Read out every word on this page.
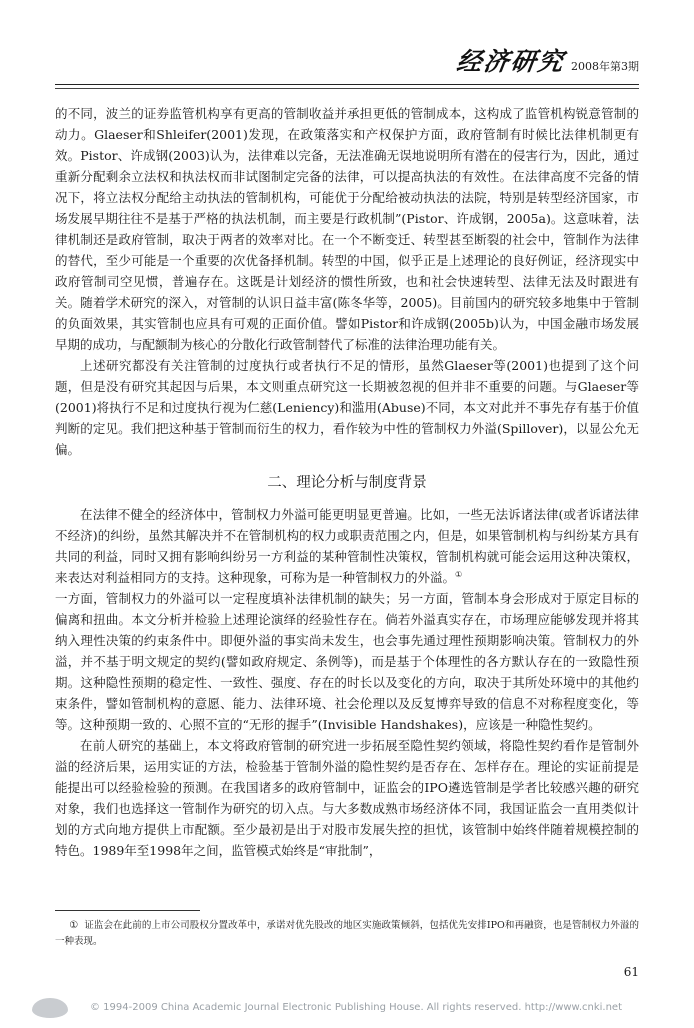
经济研究 2008年第3期

的不同，波兰的证券监管机构享有更高的管制收益并承担更低的管制成本，这构成了监管机构锐意管制的动力。Glaeser和Shleifer(2001)发现，在政策落实和产权保护方面，政府管制有时候比法律机制更有效。Pistor、许成钢(2003)认为，法律难以完备，无法准确无误地说明所有潜在的侵害行为，因此，通过重新分配剩余立法权和执法权而非试图制定完备的法律，可以提高执法的有效性。在法律高度不完备的情况下，将立法权分配给主动执法的管制机构，可能优于分配给被动执法的法院，特别是转型经济国家，市场发展早期往往不是基于严格的执法机制，而主要是行政机制”(Pistor、许成钢，2005a)。这意味着，法律机制还是政府管制，取决于两者的效率对比。在一个不断变迁、转型甚至断裂的社会中，管制作为法律的替代，至少可能是一个重要的次优备择机制。转型的中国，似乎正是上述理论的良好例证，经济现实中政府管制司空见惯，普遍存在。这既是计划经济的惯性所致，也和社会快速转型、法律无法及时跟进有关。随着学术研究的深入，对管制的认识日益丰富(陈冬华等，2005)。目前国内的研究较多地集中于管制的负面效果，其实管制也应具有可观的正面价值。譬如Pistor和许成钢(2005b)认为，中国金融市场发展早期的成功，与配额制为核心的分散化行政管制替代了标准的法律治理功能有关。

上述研究都没有关注管制的过度执行或者执行不足的情形，虽然Glaeser等(2001)也提到了这个问题，但是没有研究其起因与后果，本文则重点研究这一长期被忽视的但并非不重要的问题。与Glaeser等(2001)将执行不足和过度执行视为仁慈(Leniency)和滥用(Abuse)不同，本文对此并不事先存有基于价值判断的定见。我们把这种基于管制而衍生的权力，看作较为中性的管制权力外溢(Spillover)，以显公允无偏。

二、理论分析与制度背景

在法律不健全的经济体中，管制权力外溢可能更明显更普遍。比如，一些无法诉诸法律(或者诉诸法律不经济)的纠纷，虽然其解决并不在管制机构的权力或职责范围之内，但是，如果管制机构与纠纷某方具有共同的利益，同时又拥有影响纠纷另一方利益的某种管制性决策权，管制机构就可能会运用这种决策权，来表达对利益相同方的支持。这种现象，可称为是一种管制权力的外溢。①

一方面，管制权力的外溢可以一定程度填补法律机制的缺失；另一方面，管制本身会形成对于原定目标的偏离和扭曲。本文分析并检验上述理论演绎的经验性存在。倘若外溢真实存在，市场理应能够发现并将其纳入理性决策的约束条件中。即便外溢的事实尚未发生，也会事先通过理性预期影响决策。管制权力的外溢，并不基于明文规定的契约(譬如政府规定、条例等)，而是基于个体理性的各方默认存在的一致隐性预期。这种隐性预期的稳定性、一致性、强度、存在的时长以及变化的方向，取决于其所处环境中的其他约束条件，譬如管制机构的意愿、能力、法律环境、社会伦理以及反复博弈导致的信息不对称程度变化，等等。这种预期一致的、心照不宣的“无形的握手”(Invisible Handshakes)，应该是一种隐性契约。

在前人研究的基础上，本文将政府管制的研究进一步拓展至隐性契约领域，将隐性契约看作是管制外溢的经济后果，运用实证的方法，检验基于管制外溢的隐性契约是否存在、怎样存在。理论的实证前提是能提出可以经验检验的预测。在我国诸多的政府管制中，证监会的IPO遴选管制是学者比较感兴趣的研究对象，我们也选择这一管制作为研究的切入点。与大多数成熟市场经济体不同，我国证监会一直用类似计划的方式向地方提供上市配额。至少最初是出于对股市发展失控的担忧，该管制中始终伴随着规模控制的特色。1989年至1998年之间，监管模式始终是“审批制”，

① 证监会在此前的上市公司股权分置改革中，承诺对优先股改的地区实施政策倾斜，包括优先安排IPO和再融资，也是管制权力外溢的一种表现。
61
© 1994-2009 China Academic Journal Electronic Publishing House. All rights reserved. http://www.cnki.net
